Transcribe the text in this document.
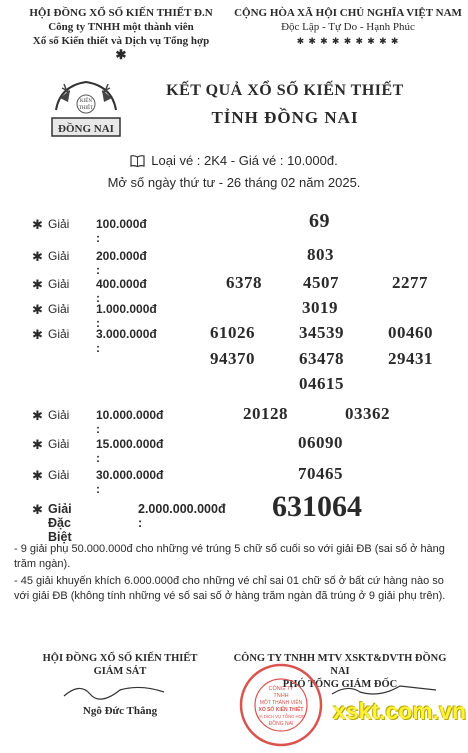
HỘI ĐỒNG XỔ SỐ KIẾN THIẾT Đ.N
Công ty TNHH một thành viên
Xổ số Kiến thiết và Dịch vụ Tổng hợp
✱
CỘNG HÒA XÃ HỘI CHỦ NGHĨA VIỆT NAM
Độc Lập - Tự Do - Hạnh Phúc
✱ ✱ ✱ ✱ ✱ ✱ ✱ ✱ ✱
KIẾN
THIẾT
ĐỒNG NAI
KẾT QUẢ XỔ SỐ KIẾN THIẾT
TỈNH ĐỒNG NAI
Loại vé : 2K4 - Giá vé : 10.000đ.
Mở số ngày thứ tư - 26 tháng 02 năm 2025.
✱ Giải 100.000đ :
69
✱ Giải 200.000đ :
803
✱ Giải 400.000đ :
6378 4507	2277
✱ Giải 1.000.000đ :
3019
✱ Giải 3.000.000đ :
61026	34539	00460
94370	63478	29431
04615
✱ Giải 10.000.000đ :
20128	03362
✱ Giải 15.000.000đ :
06090
✱ Giải 30.000.000đ :
70465
✱ Giải Đặc Biệt
2.000.000.000đ :	631064
- 9 giải phụ 50.000.000đ cho những vé trúng 5 chữ số cuối so với giải ĐB (sai số ở hàng trăm ngàn).
- 45 giải khuyến khích 6.000.000đ cho những vé chỉ sai 01 chữ số ở bất cứ hàng nào so với giải ĐB (không tính những vé số sai số ở hàng trăm ngàn đã trúng ở 9 giải phụ trên).
HỘI ĐỒNG XỔ SỐ KIẾN THIẾT
GIÁM SÁT
Ngô Đức Thắng
CÔNG TY TNHH MTV XSKT&DVTH ĐỒNG NAI
PHÓ TỔNG GIÁM ĐỐC
CÔNG TY
TNHH
MỘT THÀNH VIÊN
XỔ SỐ KIẾN THIẾT
VÀ DỊCH VỤ TỔNG HỢP
ĐỒNG NAI	xskt.com.vn
